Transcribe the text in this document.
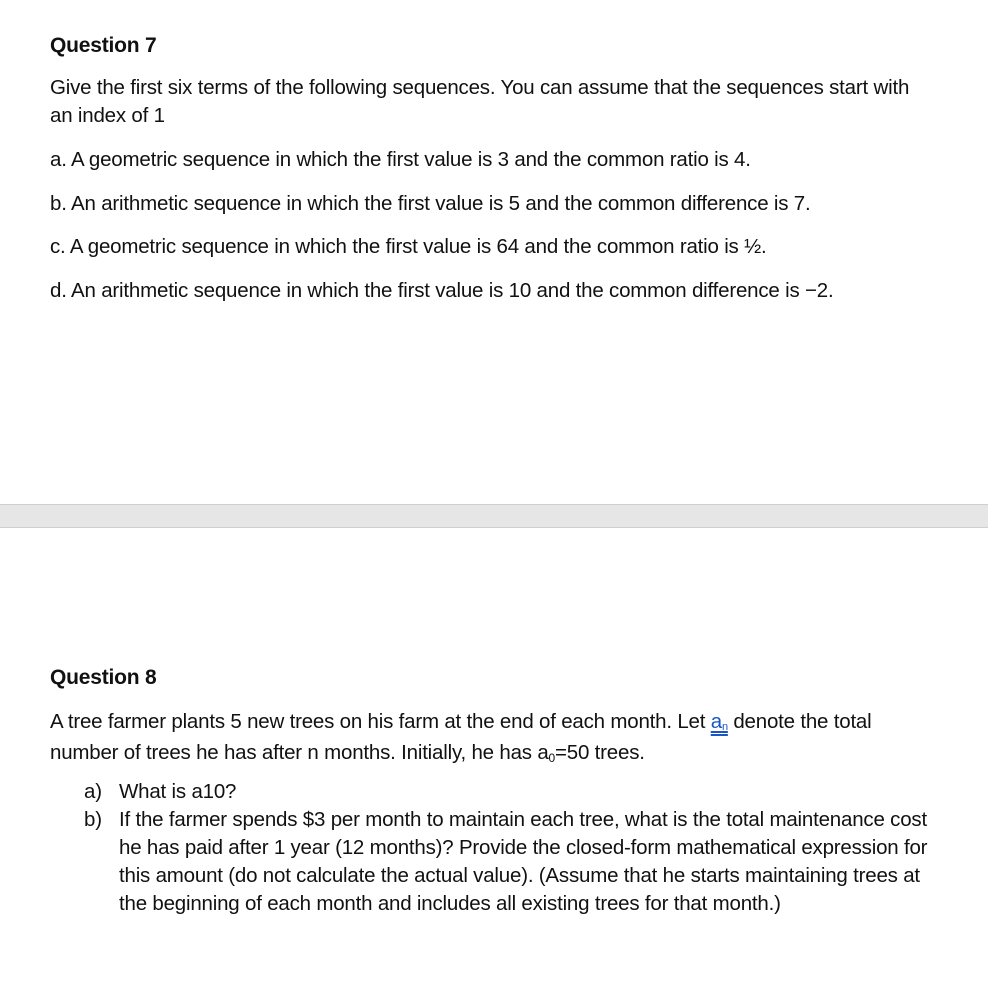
Question 7

Give the first six terms of the following sequences. You can assume that the sequences start with an index of 1

a. A geometric sequence in which the first value is 3 and the common ratio is 4.

b. An arithmetic sequence in which the first value is 5 and the common difference is 7.

c. A geometric sequence in which the first value is 64 and the common ratio is ½.

d. An arithmetic sequence in which the first value is 10 and the common difference is −2.

Question 8

A tree farmer plants 5 new trees on his farm at the end of each month. Let $a_n$ denote the total number of trees he has after n months. Initially, he has $a_0=50$ trees.

a) What is a10?
b) If the farmer spends $3 per month to maintain each tree, what is the total maintenance cost he has paid after 1 year (12 months)? Provide the closed-form mathematical expression for this amount (do not calculate the actual value). (Assume that he starts maintaining trees at the beginning of each month and includes all existing trees for that month.)
